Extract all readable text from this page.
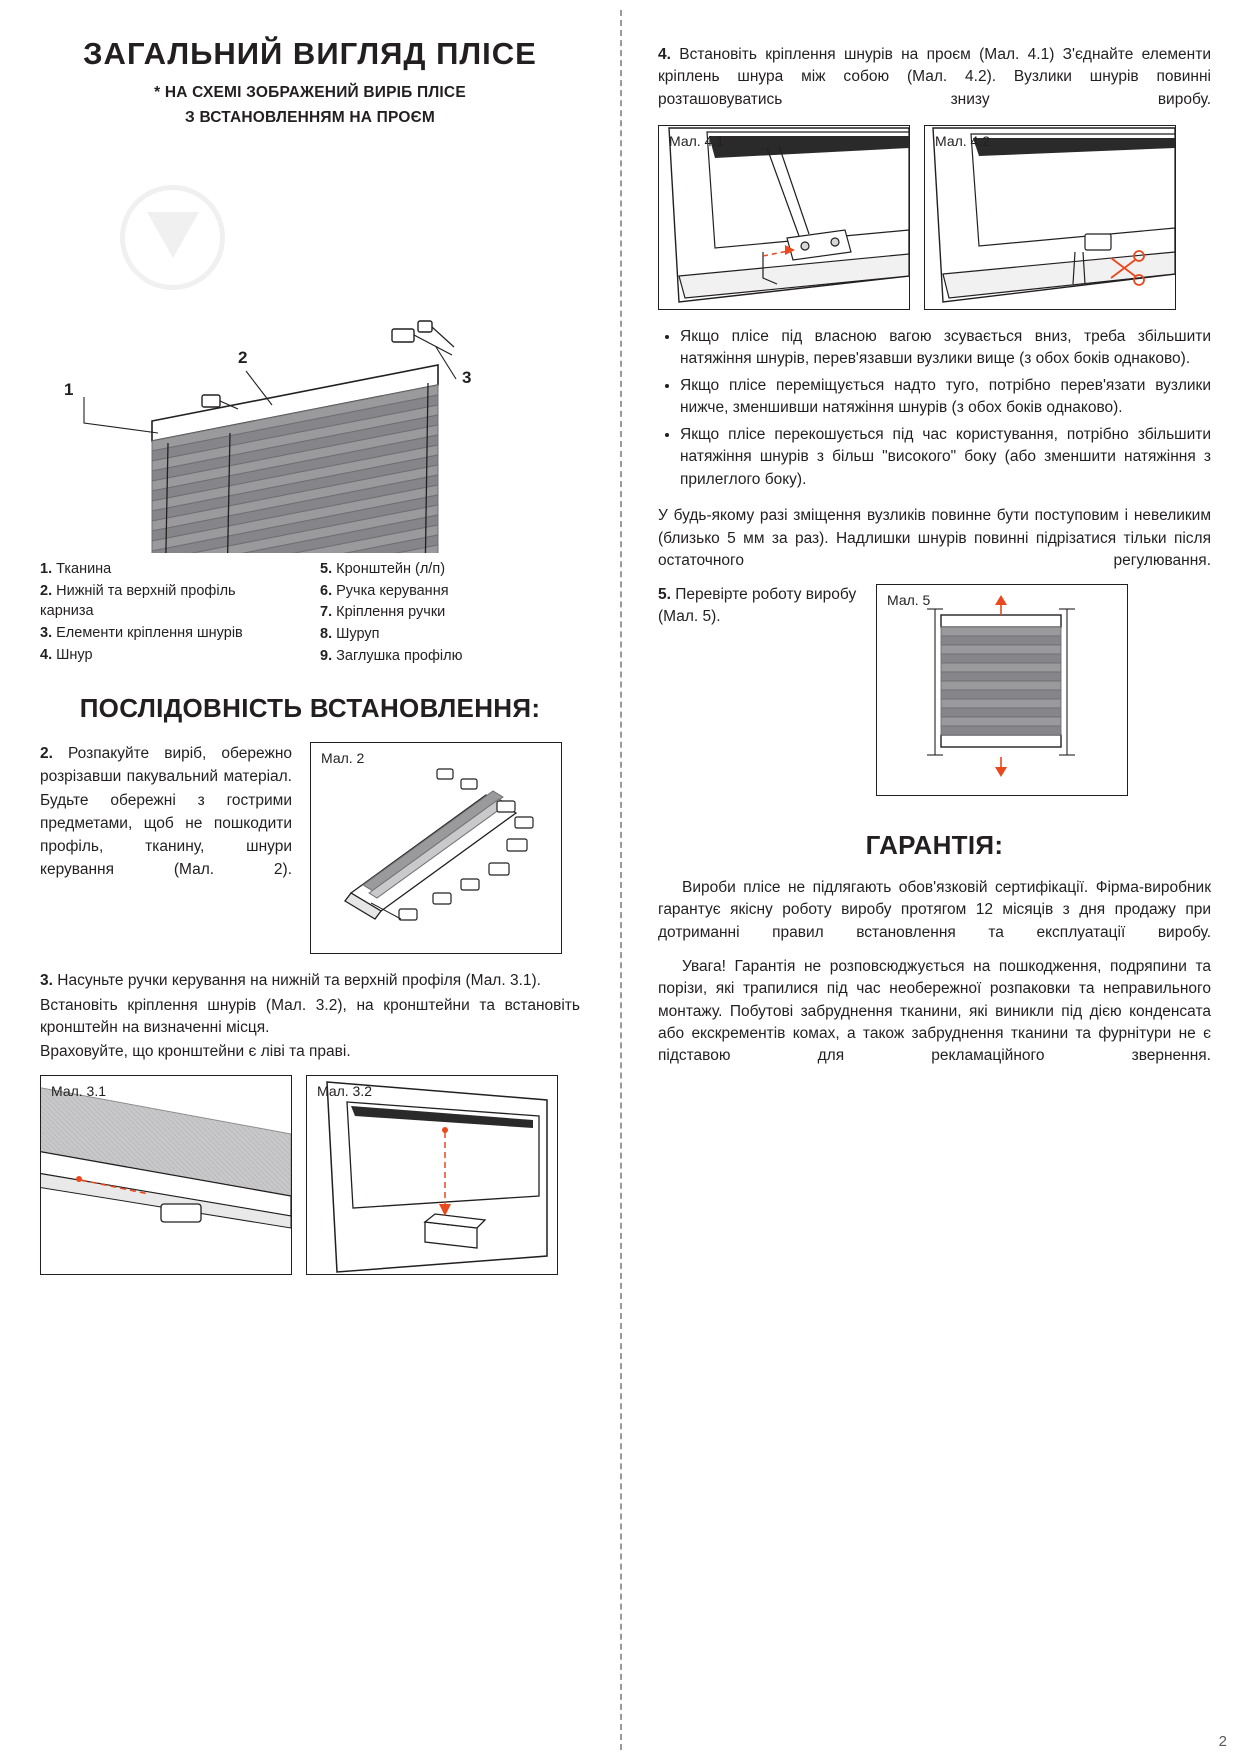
ЗАГАЛЬНИЙ ВИГЛЯД ПЛІСЕ
* НА СХЕМІ ЗОБРАЖЕНИЙ ВИРІБ ПЛІСЕ
З ВСТАНОВЛЕННЯМ НА ПРОЄМ
1
2
3
1. Тканина
2. Нижній та верхній профіль карниза
3. Елементи кріплення шнурів
4. Шнур
5. Кронштейн (л/п)
6. Ручка керування
7. Кріплення ручки
8. Шуруп
9. Заглушка профілю
ПОСЛІДОВНІСТЬ ВСТАНОВЛЕННЯ:
2. Розпакуйте виріб, обережно розрізавши пакувальний матеріал. Будьте обережні з гострими предметами, щоб не пошкодити профіль, тканину, шнури керування (Мал. 2).
Мал. 2

3. Насуньте ручки керування на нижній та верхній профіля (Мал. 3.1).

Встановіть кріплення шнурів (Мал. 3.2), на кронштейни та встановіть кронштейн на визначенні місця.

Враховуйте, що кронштейни є ліві та праві.

Мал. 3.1	Мал. 3.2

4. Встановіть кріплення шнурів на проєм (Мал. 4.1) З'єднайте елементи кріплень шнура між собою (Мал. 4.2). Вузлики шнурів повинні розташовуватись знизу виробу.

Мал. 4.1	Мал. 4.2
• Якщо пліcе під власною вагою зсувається вниз, треба збільшити натяжіння шнурів, перев'язавши вузлики вище (з обох боків однаково).
• Якщо пліcе переміщується надто туго, потрібно перев'язати вузлики нижче, зменшивши натяжіння шнурів (з обох боків однаково).
• Якщо пліcе перекошується під час користування, потрібно збільшити натяжіння шнурів з більш "високого" боку (або зменшити натяжіння з прилеглого боку).

У будь-якому разі зміщення вузликів повинне бути поступовим і невеликим (близько 5 мм за раз). Надлишки шнурів повинні підрізатися тільки після остаточного регулювання.

5. Перевірте роботу виробу (Мал. 5).
Мал. 5
ГАРАНТІЯ:

Вироби пліcе не підлягають обов'язковій сертифікації. Фірма-виробник гарантує якісну роботу виробу протягом 12 місяців з дня продажу при дотриманні правил встановлення та експлуатації виробу.

Увага! Гарантія не розповсюджується на пошкодження, подряпини та порізи, які трапилися під час необережної розпаковки та неправильного монтажу. Побутові забруднення тканини, які виникли під дією конденсата або екскрементів комах, а також забруднення тканини та фурнітури не є підставою для рекламаційного звернення.

2
